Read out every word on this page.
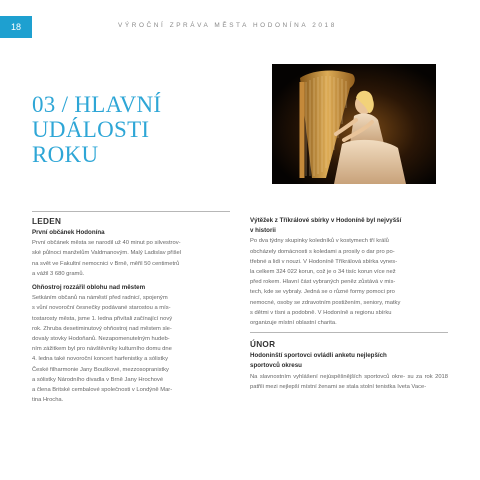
18	VÝROČNÍ ZPRÁVA MĚSTA HODONÍNA 2018
03 / HLAVNÍ
UDÁLOSTI
ROKU
LEDEN
První občánek Hodonína

První občánek města se narodil už 40 minut po silvestrov-
ské půlnoci manželům Valdmanovým. Malý Ladislav přišel
na svět ve Fakultní nemocnici v Brně, měřil 50 centimetrů
a vážil 3 680 gramů.

Ohňostroj rozzářil oblohu nad městem

Setkáním občanů na náměstí před radnicí, spojeným
s vůní novoroční česnečky podávané starostou a mís-
tostarosty města, jsme 1. ledna přivítali začínající nový
rok. Zhruba desetiminutový ohňostroj nad městem sle-
dovaly stovky Hodoňanů. Nezapomenutelným hudeb-
ním zážitkem byl pro návštěvníky kulturního domu dne
4. ledna také novoroční koncert harfenistky a sólistky
České filharmonie Jany Bouškové, mezzosopranistky
a sólistky Národního divadla v Brně Jany Hrochové
a člena Britské cembalové společnosti v Londýně Mar-
tina Hrocha.

Výtěžek z Tříkrálové sbírky v Hodoníně byl nejvyšší
v historii

Po dva týdny skupinky koledníků v kostymech tří králů
obcházely domácnosti s koledami a prosily o dar pro po-
třebné a lidi v nouzi. V Hodoníně Tříkrálová sbírka vynes-
la celkem 324 022 korun, což je o 34 tisíc korun více než
před rokem. Hlavní část vybraných peněz zůstává v mis-
tech, kde se vybraly. Jedná se o různé formy pomoci pro
nemocné, osoby se zdravotním postižením, seniory, matky
s dětmi v tísni a podobně. V Hodoníně a regionu sbírku
organizuje místní oblastní charita.

ÚNOR
Hodoninští sportovci ovládli anketu nejlepších
sportovců okresu

Na slavnostním vyhlášení nejúspěšnějších sportovců okre- su za rok 2018 patřili mezi nejlepší místní ženami se stala stolní tenistka Iveta Vace-
